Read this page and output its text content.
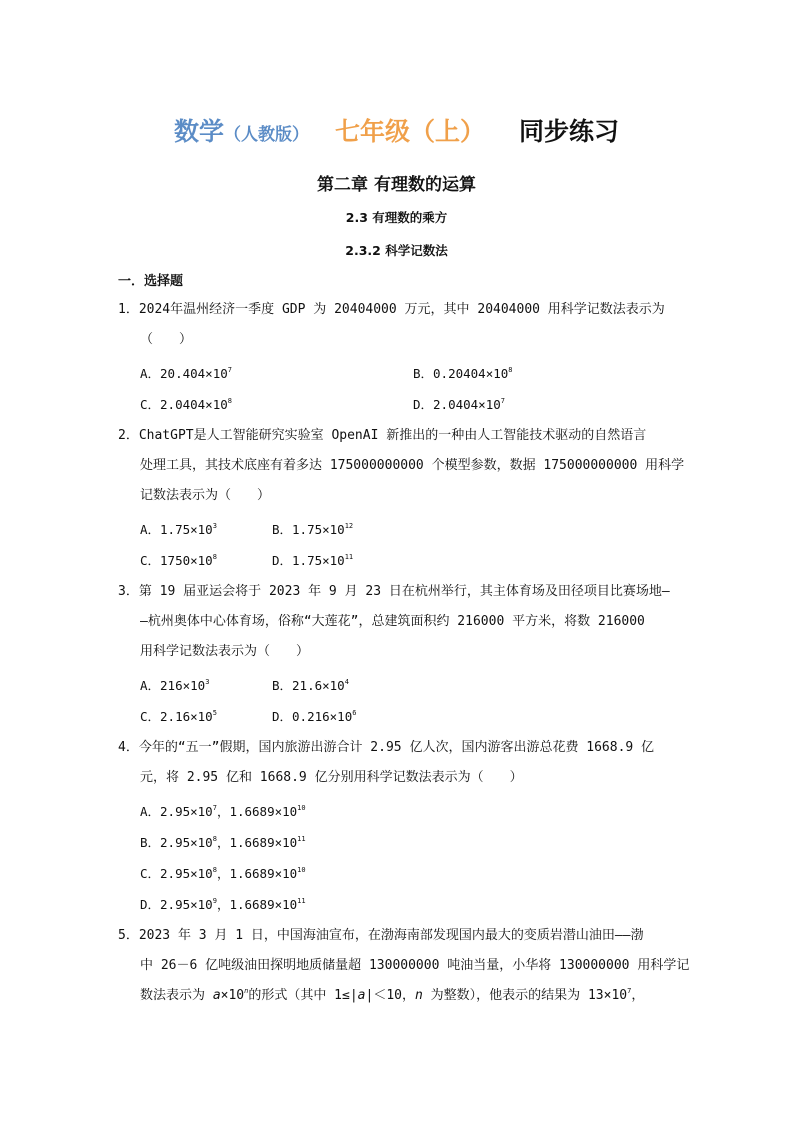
数学（人教版） 七年级（上） 同步练习
第二章 有理数的运算
2.3 有理数的乘方
2.3.2 科学记数法
一．选择题
1．2024年温州经济一季度 GDP 为 20404000 万元，其中 20404000 用科学记数法表示为
（　　）
A．$20.404\times 10^7$	B．$0.20404\times 10^8$
C．$2.0404\times 10^8$	D．$2.0404\times 10^7$
2．ChatGPT是人工智能研究实验室 OpenAI 新推出的一种由人工智能技术驱动的自然语言
处理工具，其技术底座有着多达 175000000000 个模型参数，数据 175000000000 用科学
记数法表示为（　　）
A．$1.75\times 10^3$	B．$1.75\times 10^{12}$
C．$1750\times 10^8$	D．$1.75\times 10^{11}$
3．第 19 届亚运会将于 2023 年 9 月 23 日在杭州举行，其主体育场及田径项目比赛场地—
—杭州奥体中心体育场，俗称“大莲花”，总建筑面积约 216000 平方米，将数 216000
用科学记数法表示为（　　）
A．$216\times 10^3$	B．$21.6\times 10^4$
C．$2.16\times 10^5$	D．$0.216\times 10^6$
4．今年的“五一”假期，国内旅游出游合计 2.95 亿人次，国内游客出游总花费 1668.9 亿
元，将 2.95 亿和 1668.9 亿分别用科学记数法表示为（　　）
A．$2.95\times 10^7$，$1.6689\times 10^{10}$
B．$2.95\times 10^8$，$1.6689\times 10^{11}$
C．$2.95\times 10^8$，$1.6689\times 10^{10}$
D．$2.95\times 10^9$，$1.6689\times 10^{11}$
5．2023 年 3 月 1 日，中国海油宣布，在渤海南部发现国内最大的变质岩潜山油田——渤
中 26－6 亿吨级油田探明地质储量超 130000000 吨油当量，小华将 130000000 用科学记
数法表示为 $a\times 10^n$的形式（其中 1≤|a|＜10，n 为整数），他表示的结果为 $13\times 10^7$，
